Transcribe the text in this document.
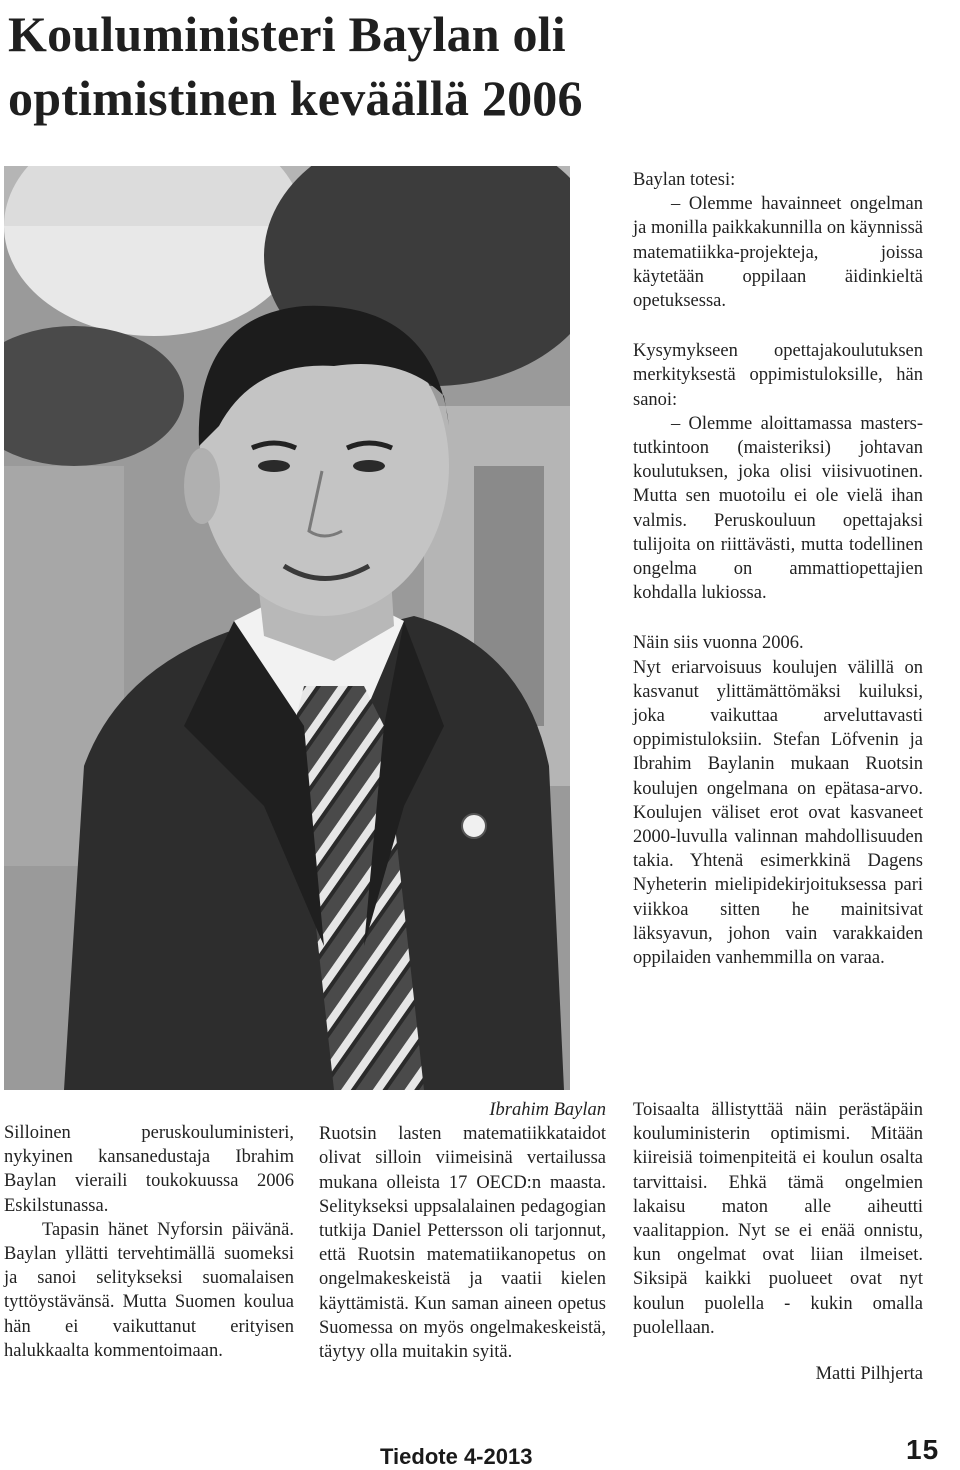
Kouluministeri Baylan oli optimistinen keväällä 2006

Baylan totesi:

– Olemme havainneet ongelman ja monilla paikkakunnilla on käynnissä matematiikka-projekteja, joissa käytetään oppilaan äidinkieltä opetuksessa.

Kysymykseen opettajakoulutuksen merkityksestä oppimistuloksille, hän sanoi:

– Olemme aloittamassa masters-tutkintoon (maisteriksi) johtavan koulutuksen, joka olisi viisivuotinen. Mutta sen muotoilu ei ole vielä ihan valmis. Peruskouluun opettajaksi tulijoita on riittävästi, mutta todellinen ongelma on ammattiopettajien kohdalla lukiossa.

Näin siis vuonna 2006.

Nyt eriarvoisuus koulujen välillä on kasvanut ylittämättömäksi kuiluksi, joka vaikuttaa arveluttavasti oppimistuloksiin. Stefan Löfvenin ja Ibrahim Baylanin mukaan Ruotsin koulujen ongelmana on epätasa-arvo. Koulujen väliset erot ovat kasvaneet 2000-luvulla valinnan mahdollisuuden takia. Yhtenä esimerkkinä Dagens Nyheterin mielipidekirjoituksessa pari viikkoa sitten he mainitsivat läksyavun, johon vain varakkaiden oppilaiden vanhemmilla on varaa.

Ibrahim Baylan

Ruotsin lasten matematiikkataidot olivat silloin viimeisinä vertailussa mukana olleista 17 OECD:n maasta. Selitykseksi uppsalalainen pedagogian tutkija Daniel Pettersson oli tarjonnut, että Ruotsin matematiikanopetus on ongelmakeskeistä ja vaatii kielen käyttämistä. Kun saman aineen opetus Suomessa on myös ongelmakeskeistä, täytyy olla muitakin syitä.

Silloinen peruskouluministeri, nykyinen kansanedustaja Ibrahim Baylan vieraili toukokuussa 2006 Eskilstunassa.

Tapasin hänet Nyforsin päivänä. Baylan yllätti tervehtimällä suomeksi ja sanoi selitykseksi suomalaisen tyttöystävänsä. Mutta Suomen koulua hän ei vaikuttanut erityisen halukkaalta kommentoimaan.

Toisaalta ällistyttää näin perästäpäin kouluministerin optimismi. Mitään kiireisiä toimenpiteitä ei koulun osalta tarvittaisi. Ehkä tämä ongelmien lakaisu maton alle aiheutti vaalitappion. Nyt se ei enää onnistu, kun ongelmat ovat liian ilmeiset. Siksipä kaikki puolueet ovat nyt koulun puolella - kukin omalla puolellaan.

Matti Pilhjerta

Tiedote 4-2013	15
